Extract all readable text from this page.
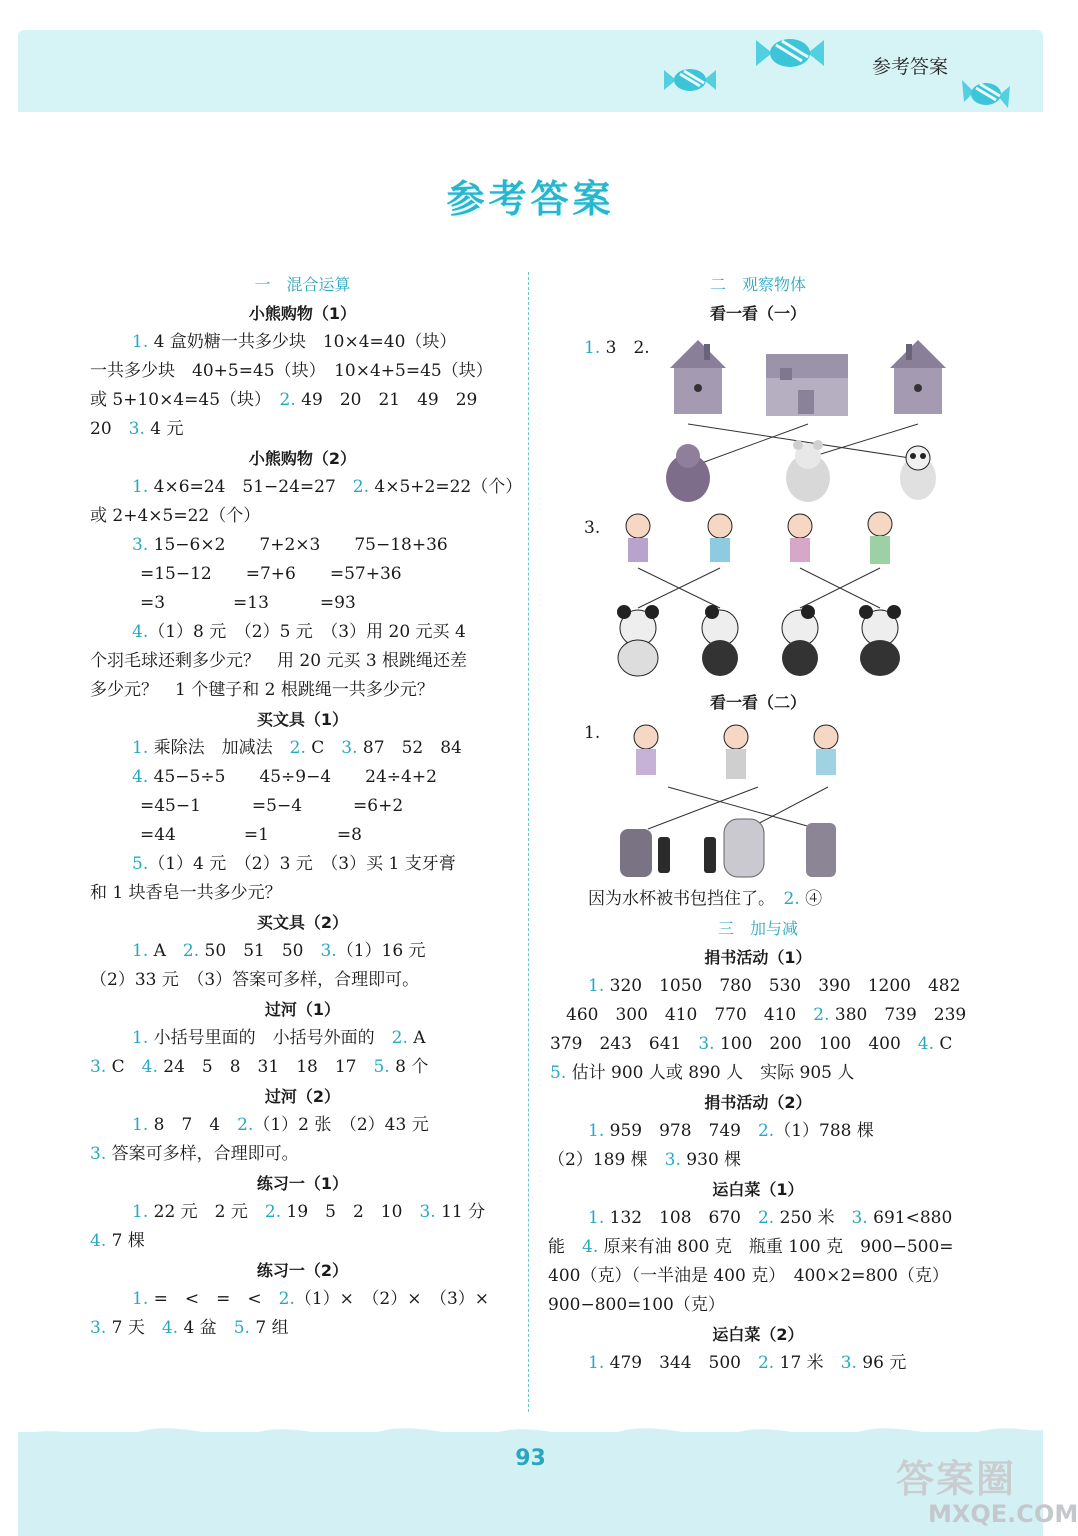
参考答案
参考答案
一　混合运算
小熊购物（1）
1. 4 盒奶糖一共多少块　10×4=40（块）
一共多少块　40+5=45（块）　10×4+5=45（块）
或 5+10×4=45（块）　2. 49　20　21　49　29
20　3. 4 元
小熊购物（2）
1. 4×6=24　51−24=27　2. 4×5+2=22（个）
或 2+4×5=22（个）
3. 15−6×2　　7+2×3　　75−18+36
=15−12　　=7+6　　=57+36
=3　　　　=13　　　=93
4.（1）8 元　（2）5 元　（3）用 20 元买 4
个羽毛球还剩多少元？　用 20 元买 3 根跳绳还差
多少元？　1 个毽子和 2 根跳绳一共多少元？
买文具（1）
1. 乘除法　加减法　2. C　3. 87　52　84
4. 45−5÷5　　45÷9−4　　24÷4+2
=45−1　　　=5−4　　　=6+2
=44　　　　=1　　　　=8
5.（1）4 元　（2）3 元　（3）买 1 支牙膏
和 1 块香皂一共多少元？
买文具（2）
1. A　2. 50　51　50　3.（1）16 元
（2）33 元　（3）答案可多样，合理即可。
过河（1）
1. 小括号里面的　小括号外面的　2. A
3. C　4. 24　5　8　31　18　17　5. 8 个
过河（2）
1. 8　7　4　2.（1）2 张　（2）43 元
3. 答案可多样，合理即可。
练习一（1）
1. 22 元　2 元　2. 19　5　2　10　3. 11 分
4. 7 棵
练习一（2）
1. =　<　=　<　2.（1）×　（2）×　（3）×
3. 7 天　4. 4 盆　5. 7 组
二　观察物体
看一看（一）
1. 3　2.
3.
看一看（二）
1.
因为水杯被书包挡住了。　2. ④
三　加与减
捐书活动（1）
1. 320　1050　780　530　390　1200　482
460　300　410　770　410　2. 380　739　239
379　243　641　3. 100　200　100　400　4. C
5. 估计 900 人或 890 人　实际 905 人
捐书活动（2）
1. 959　978　749　2.（1）788 棵
（2）189 棵　3. 930 棵
运白菜（1）
1. 132　108　670　2. 250 米　3. 691<880
能　4. 原来有油 800 克　瓶重 100 克　900−500=
400（克）（一半油是 400 克）　400×2=800（克）
900−800=100（克）
运白菜（2）
1. 479　344　500　2. 17 米　3. 96 元
93	答案圈
MXQE.COM
